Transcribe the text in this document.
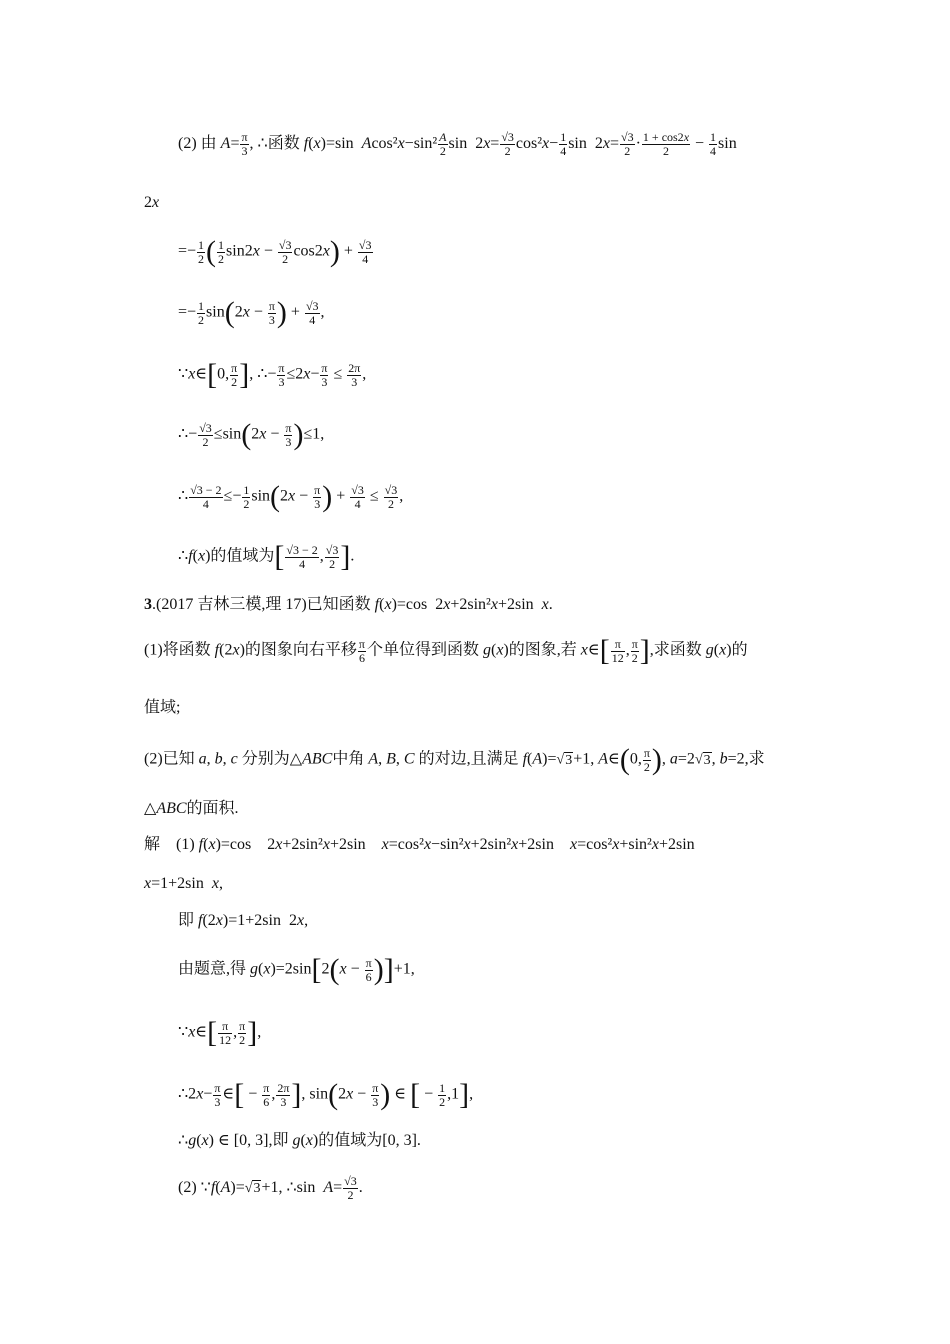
(2) 由 $A= \frac{\pi}{3}$ , ∴函数 f(x)=sin  $Acos^2x-\sin^2 \frac{A}{2}$ $\sin 2x= \frac{√3}{2} \cos^2x- \frac{1}{4}$ $\sin 2x= \frac{√3}{2} \cdot \frac{1 + \cos 2x}{2} - \frac{1}{4}$ sin
2x
=− $\frac{1}{2}$ ( $\frac{1}{2} \sin 2x - \frac{√3}{2} \cos 2x) + \frac{√3}{4}$
=− $\frac{1}{2} \sin(2x - \frac{\pi}{3}$ ) + $\frac{√3}{4}$ ,
∵x∈[0, $\frac{\pi}{2}$ ], ∴− $\frac{\pi}{3} \le 2x- \frac{\pi}{3} \le \frac{2\pi}{3}$ ,
∴− $\frac{√3}{2} \le\sin(2x - \frac{\pi}{3} )\le 1$,
∴ $\frac{√3 - 2}{4} \le- \frac{1}{2} \sin(2x - \frac{\pi}{3}$ ) + $\frac{√3}{4} \le \frac{√3}{2}$ ,
∴f(x)的值域为[ $\frac{√3 - 2}{4}$ , $\frac{√3}{2}$ ].
3.(2017 吉林三模,理 17)已知函数 f(x)=cos  2x+2sin²x+2sin  x.
(1)将函数 f(2x)的图象向右平移 $\frac{\pi}{6}$ 个单位得到函数 g(x)的图象,若 x∈[ $\frac{\pi}{12}$ , $\frac{\pi}{2}$ ],求函数 g(x)的
值域;
(2)已知 a, b, c 分别为△ABC中角 A, B, C 的对边,且满足 f(A)=√3+1, A∈(0, $\frac{\pi}{2}$ ), a=2√3, b=2,求
△ABC的面积.
解    (1) f(x)=cos    2x+2sin²x+2sin    x=cos²x−sin²x+2sin²x+2sin    x=cos²x+sin²x+2sin
x=1+2sin  x,
即 f(2x)=1+2sin  2x,
由题意,得 $g(x)=2\sin[2(x - \frac{\pi}{6} )]+1$,
∵x∈[ $\frac{\pi}{12}$ , $\frac{\pi}{2}$ ],
∴2x− $\frac{\pi}{3}$ ∈[ − $\frac{\pi}{6}$ , $\frac{2\pi}{3}$ ], $\sin(2x - \frac{\pi}{3}$ ) ∈ [ − $\frac{1}{2} ,1$],
∴g(x) ∈ [0, 3],即 g(x)的值域为[0, 3].
(2) ∵f(A)=√3+1, ∴sin  $A= \frac{√3}{2}$ .
